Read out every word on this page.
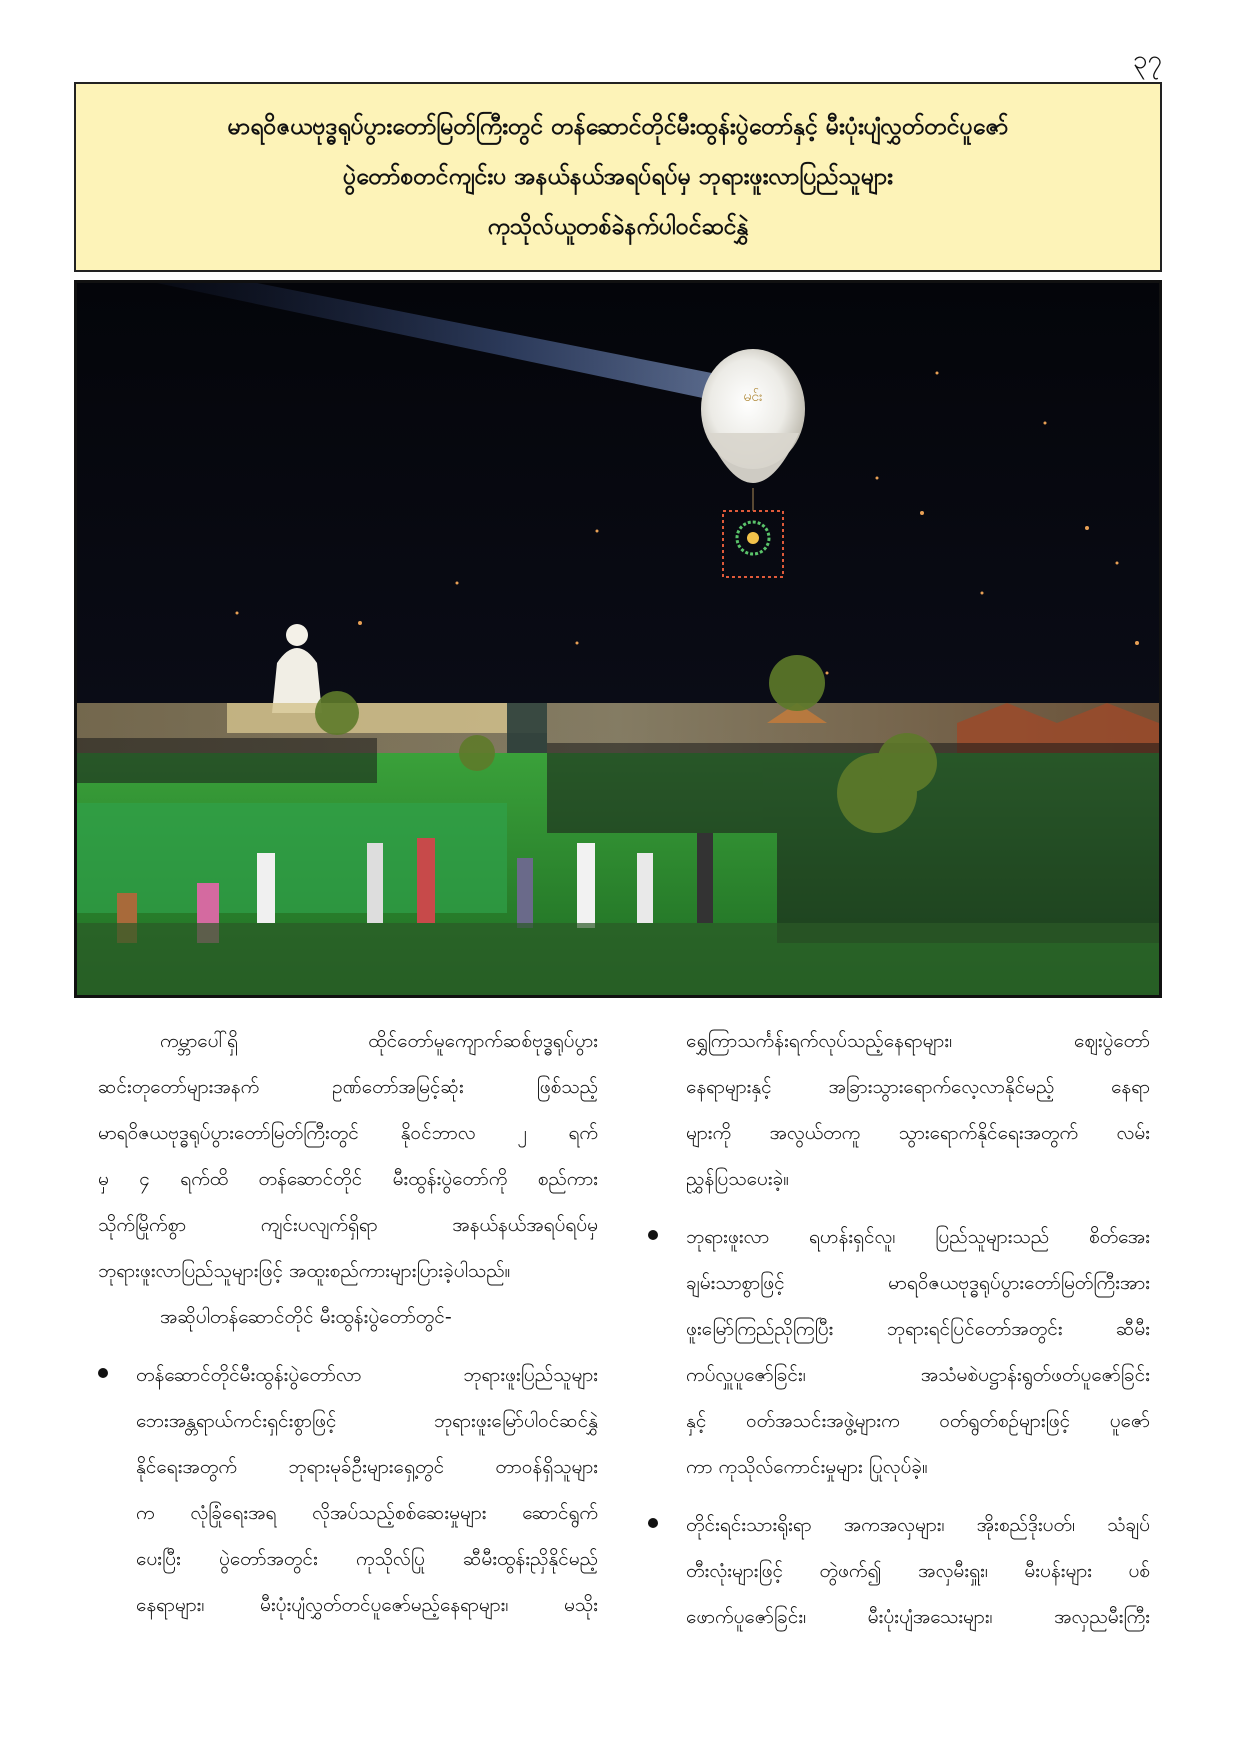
၃၇
မာရဝိဇယဗုဒ္ဓရုပ်ပွားတော်မြတ်ကြီးတွင် တန်ဆောင်တိုင်မီးထွန်းပွဲတော်နှင့် မီးပုံးပျံလွှတ်တင်ပူဇော်
ပွဲတော်စတင်ကျင်းပ အနယ်နယ်အရပ်ရပ်မှ ဘုရားဖူးလာပြည်သူများ
ကုသိုလ်ယူတစ်ခဲနက်ပါဝင်ဆင်နွှဲ
မင်း
ကမ္ဘာပေါ်ရှိ ထိုင်တော်မူကျောက်ဆစ်ဗုဒ္ဓရုပ်ပွား
ဆင်းတုတော်များအနက် ဥဏ်တော်အမြင့်ဆုံး ဖြစ်သည့်
မာရဝိဇယဗုဒ္ဓရုပ်ပွားတော်မြတ်ကြီးတွင် နိုဝင်ဘာလ ၂ ရက်
မှ ၄ ရက်ထိ တန်ဆောင်တိုင် မီးထွန်းပွဲတော်ကို စည်ကား
သိုက်မြိုက်စွာ ကျင်းပလျက်ရှိရာ အနယ်နယ်အရပ်ရပ်မှ
ဘုရားဖူးလာပြည်သူများဖြင့် အထူးစည်ကားများပြားခဲ့ပါသည်။
အဆိုပါတန်ဆောင်တိုင် မီးထွန်းပွဲတော်တွင်-
တန်ဆောင်တိုင်မီးထွန်းပွဲတော်လာ ဘုရားဖူးပြည်သူများ
ဘေးအန္တရာယ်ကင်းရှင်းစွာဖြင့် ဘုရားဖူးမြော်ပါဝင်ဆင်နွှဲ
နိုင်ရေးအတွက် ဘုရားမုခ်ဦးများရှေ့တွင် တာဝန်ရှိသူများ
က လုံခြုံရေးအရ လိုအပ်သည့်စစ်ဆေးမှုများ ဆောင်ရွက်
ပေးပြီး ပွဲတော်အတွင်း ကုသိုလ်ပြု ဆီမီးထွန်းညှိနိုင်မည့်
နေရာများ၊ မီးပုံးပျံလွှတ်တင်ပူဇော်မည့်နေရာများ၊ မသိုး
ရွှေကြာသင်္ကန်းရက်လုပ်သည့်နေရာများ၊ ဈေးပွဲတော်
နေရာများနှင့် အခြားသွားရောက်လေ့လာနိုင်မည့် နေရာ
များကို အလွယ်တကူ သွားရောက်နိုင်ရေးအတွက် လမ်း
ညွှန်ပြသပေးခဲ့။
ဘုရားဖူးလာ ရဟန်းရှင်လူ၊ ပြည်သူများသည် စိတ်အေး
ချမ်းသာစွာဖြင့် မာရဝိဇယဗုဒ္ဓရုပ်ပွားတော်မြတ်ကြီးအား
ဖူးမြော်ကြည်ညိုကြပြီး ဘုရားရင်ပြင်တော်အတွင်း ဆီမီး
ကပ်လှူပူဇော်ခြင်း၊ အသံမစဲပဋ္ဌာန်းရွတ်ဖတ်ပူဇော်ခြင်း
နှင့် ဝတ်အသင်းအဖွဲ့များက ဝတ်ရွတ်စဉ်များဖြင့် ပူဇော်
ကာ ကုသိုလ်ကောင်းမှုများ ပြုလုပ်ခဲ့။
တိုင်းရင်းသားရိုးရာ အကအလှများ၊ အိုးစည်ဒိုးပတ်၊ သံချပ်
တီးလုံးများဖြင့် တွဲဖက်၍ အလှမီးရှူး၊ မီးပန်းများ ပစ်
ဖောက်ပူဇော်ခြင်း၊ မီးပုံးပျံအသေးများ၊ အလှညမီးကြီး
